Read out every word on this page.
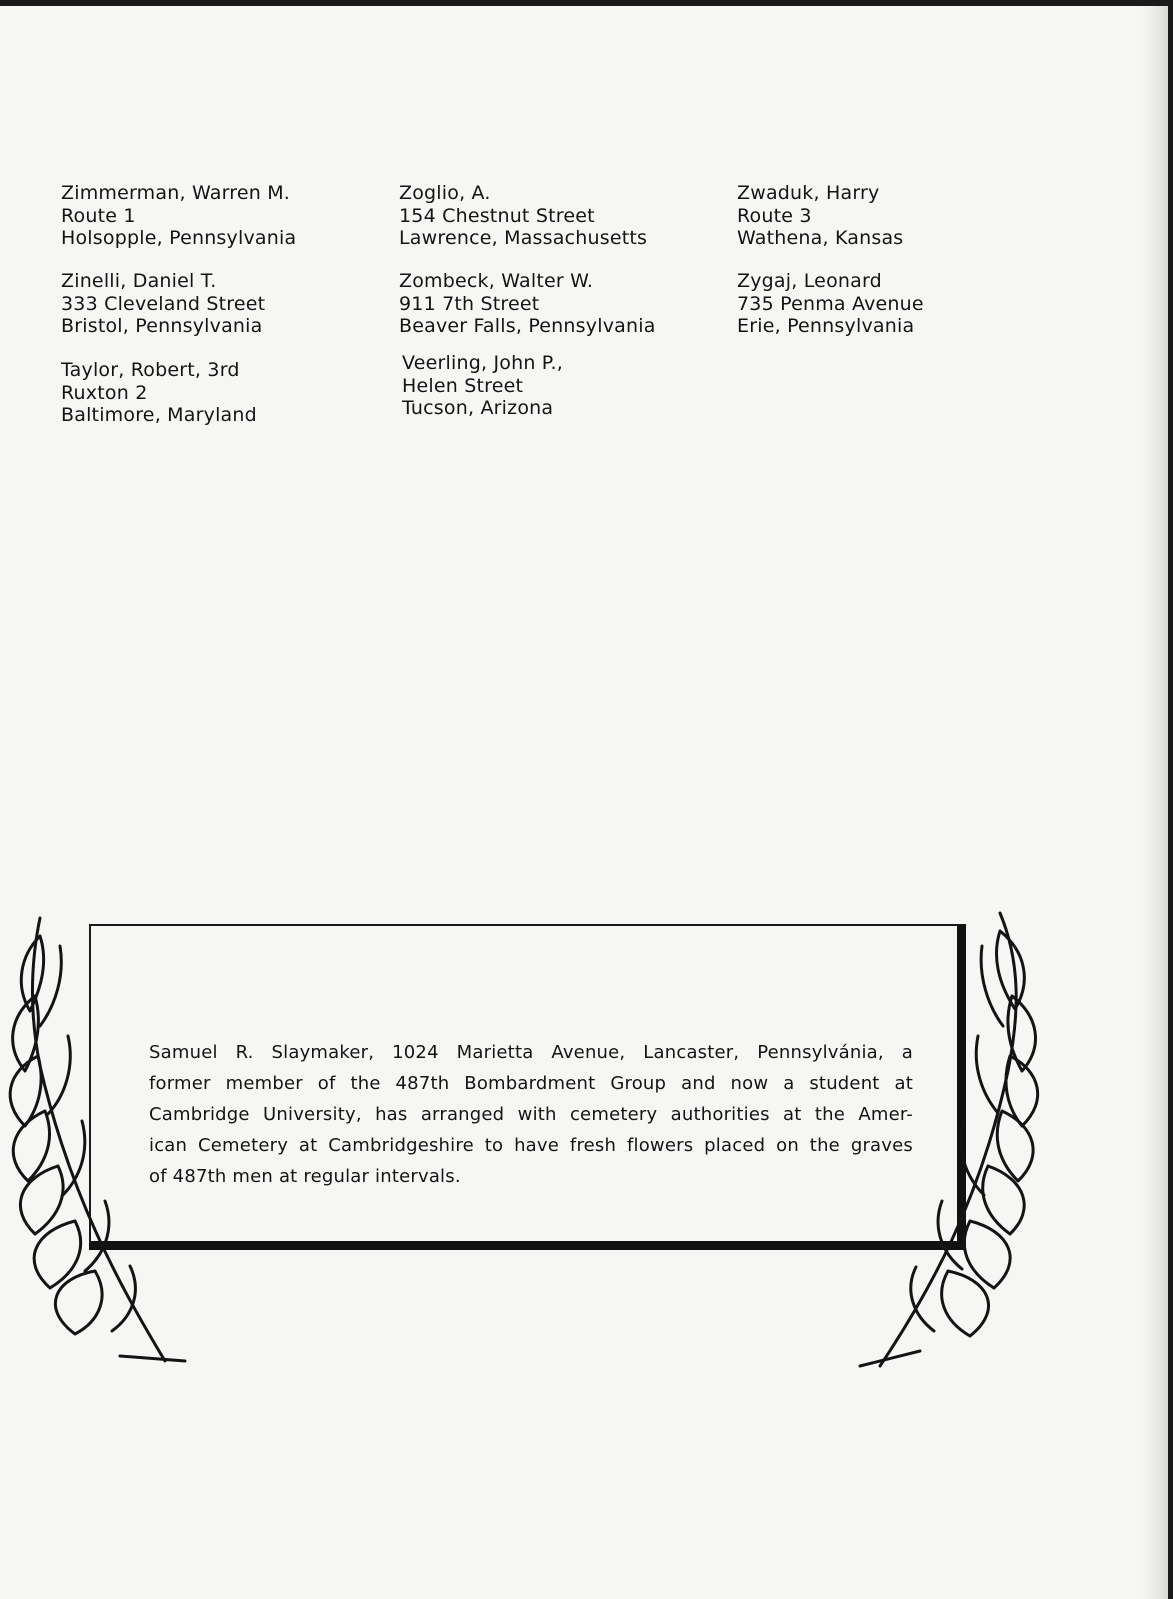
Zimmerman, Warren M.
Route 1
Holsopple, Pennsylvania
Zinelli, Daniel T.
333 Cleveland Street
Bristol, Pennsylvania
Taylor, Robert, 3rd
Ruxton 2
Baltimore, Maryland
Zoglio, A.
154 Chestnut Street
Lawrence, Massachusetts
Zombeck, Walter W.
911 7th Street
Beaver Falls, Pennsylvania
Veerling, John P.,
Helen Street
Tucson, Arizona
Zwaduk, Harry
Route 3
Wathena, Kansas
Zygaj, Leonard
735 Penma Avenue
Erie, Pennsylvania
Samuel R. Slaymaker, 1024 Marietta Avenue, Lancaster, Pennsylvánia, a
former member of the 487th Bombardment Group and now a student at
Cambridge University, has arranged with cemetery authorities at the Amer-
ican Cemetery at Cambridgeshire to have fresh flowers placed on the graves
of 487th men at regular intervals.
